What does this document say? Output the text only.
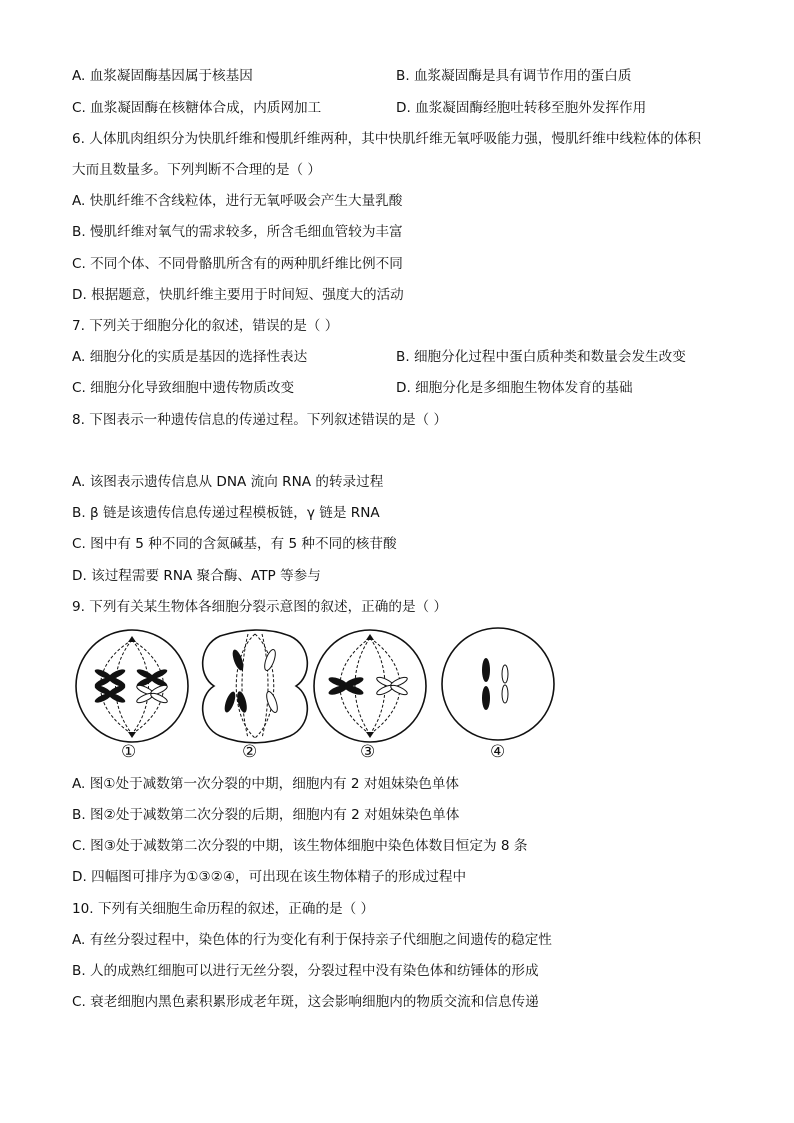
A. 血浆凝固酶基因属于核基因	B. 血浆凝固酶是具有调节作用的蛋白质
C. 血浆凝固酶在核糖体合成，内质网加工	D. 血浆凝固酶经胞吐转移至胞外发挥作用
6. 人体肌肉组织分为快肌纤维和慢肌纤维两种，其中快肌纤维无氧呼吸能力强，慢肌纤维中线粒体的体积
大而且数量多。下列判断不合理的是（ ）
A. 快肌纤维不含线粒体，进行无氧呼吸会产生大量乳酸
B. 慢肌纤维对氧气的需求较多，所含毛细血管较为丰富
C. 不同个体、不同骨骼肌所含有的两种肌纤维比例不同
D. 根据题意，快肌纤维主要用于时间短、强度大的活动
7. 下列关于细胞分化的叙述，错误的是（ ）
A. 细胞分化的实质是基因的选择性表达	B. 细胞分化过程中蛋白质种类和数量会发生改变
C. 细胞分化导致细胞中遗传物质改变	D. 细胞分化是多细胞生物体发育的基础
8. 下图表示一种遗传信息的传递过程。下列叙述错误的是（ ）
A. 该图表示遗传信息从 DNA 流向 RNA 的转录过程
B. β 链是该遗传信息传递过程模板链，γ 链是 RNA
C. 图中有 5 种不同的含氮碱基，有 5 种不同的核苷酸
D. 该过程需要 RNA 聚合酶、ATP 等参与
9. 下列有关某生物体各细胞分裂示意图的叙述，正确的是（ ）
①	②	③	④
A. 图①处于减数第一次分裂的中期，细胞内有 2 对姐妹染色单体
B. 图②处于减数第二次分裂的后期，细胞内有 2 对姐妹染色单体
C. 图③处于减数第二次分裂的中期，该生物体细胞中染色体数目恒定为 8 条
D. 四幅图可排序为①③②④，可出现在该生物体精子的形成过程中
10. 下列有关细胞生命历程的叙述，正确的是（ ）
A. 有丝分裂过程中，染色体的行为变化有利于保持亲子代细胞之间遗传的稳定性
B. 人的成熟红细胞可以进行无丝分裂，分裂过程中没有染色体和纺锤体的形成
C. 衰老细胞内黑色素积累形成老年斑，这会影响细胞内的物质交流和信息传递
